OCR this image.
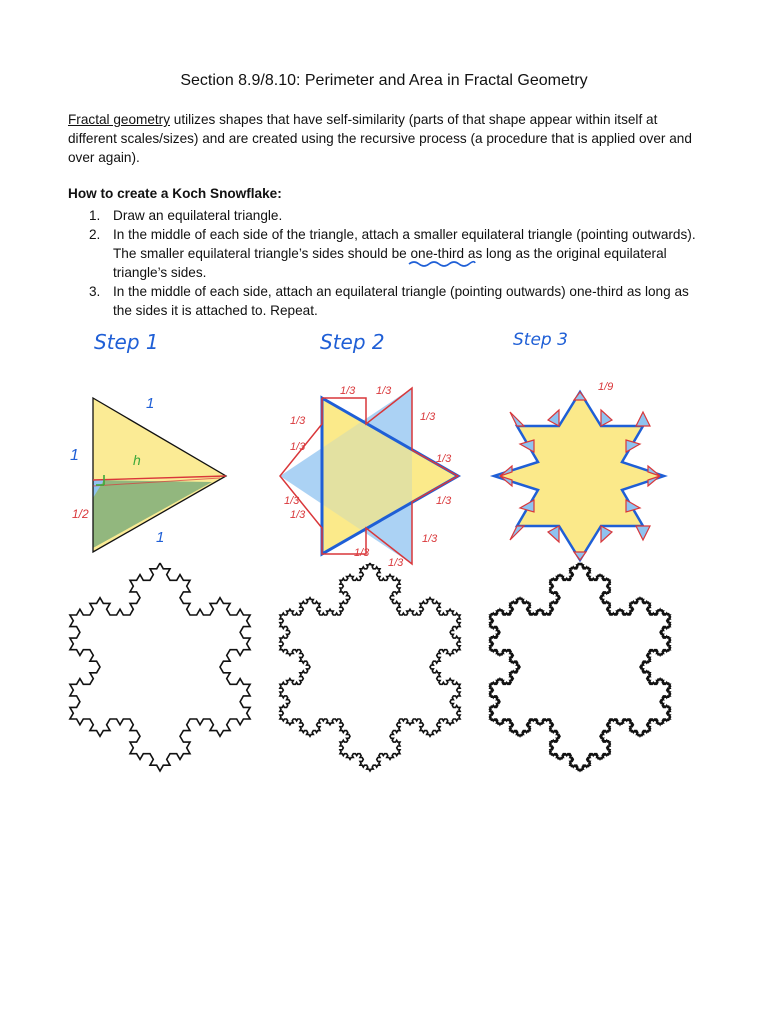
Section 8.9/8.10: Perimeter and Area in Fractal Geometry

Fractal geometry utilizes shapes that have self-similarity (parts of that shape appear within itself at different scales/sizes) and are created using the recursive process (a procedure that is applied over and over again).

How to create a Koch Snowflake:

1. Draw an equilateral triangle.
2. In the middle of each side of the triangle, attach a smaller equilateral triangle (pointing outwards). The smaller equilateral triangle’s sides should be one-third
as long as the original equilateral triangle’s sides.
3. In the middle of each side, attach an equilateral triangle (pointing outwards) one-third as long as the sides it is attached to. Repeat.
Step 1	Step 2	Step 3
1
1
1
h
1/2
1/3 1/3
1/3	1/3
1/3
1/3
1/3	1/3
1/3
1/3
1/3
1/3
1/9
